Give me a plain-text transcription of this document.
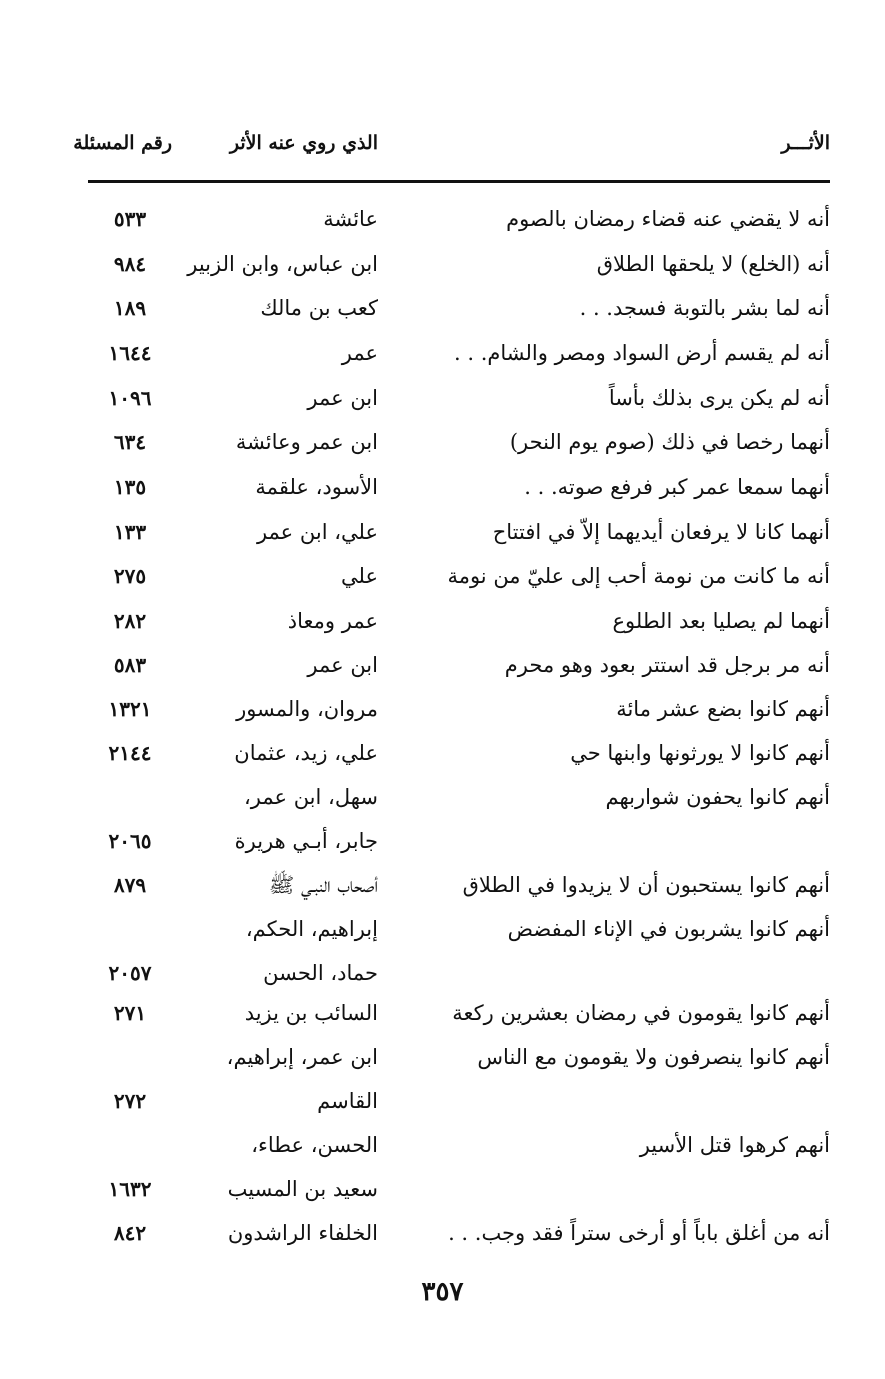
الأثـــر
الذي روي عنه الأثر
رقم المسئلة
أنه لا يقضي عنه قضاء رمضان بالصوم
عائشة
٥٣٣
أنه (الخلع) لا يلحقها الطلاق
ابن عباس، وابن الزبير
٩٨٤
أنه لما بشر بالتوبة فسجد. . .
كعب بن مالك
١٨٩
أنه لم يقسم أرض السواد ومصر والشام. . .
عمر
١٦٤٤
أنه لم يكن يرى بذلك بأساً
ابن عمر
١٠٩٦
أنهما رخصا في ذلك (صوم يوم النحر)
ابن عمر وعائشة
٦٣٤
أنهما سمعا عمر كبر فرفع صوته. . .
الأسود، علقمة
١٣٥
أنهما كانا لا يرفعان أيديهما إلاّ في افتتاح
علي، ابن عمر
١٣٣
أنه ما كانت من نومة أحب إلى عليّ من نومة
علي
٢٧٥
أنهما لم يصليا بعد الطلوع
عمر ومعاذ
٢٨٢
أنه مر برجل قد استتر بعود وهو محرم
ابن عمر
٥٨٣
أنهم كانوا بضع عشر مائة
مروان، والمسور
١٣٢١
أنهم كانوا لا يورثونها وابنها حي
علي، زيد، عثمان
٢١٤٤
أنهم كانوا يحفون شواربهم
سهل، ابن عمر،
جابر، أبـي هريرة
٢٠٦٥
أنهم كانوا يستحبون أن لا يزيدوا في الطلاق
أصحاب النبـي ﷺ
٨٧٩
أنهم كانوا يشربون في الإناء المفضض
إبراهيم، الحكم،
حماد، الحسن
٢٠٥٧
أنهم كانوا يقومون في رمضان بعشرين ركعة
السائب بن يزيد
٢٧١
أنهم كانوا ينصرفون ولا يقومون مع الناس
ابن عمر، إبراهيم،
القاسم
٢٧٢
أنهم كرهوا قتل الأسير
الحسن، عطاء،
سعيد بن المسيب
١٦٣٢
أنه من أغلق باباً أو أرخى ستراً فقد وجب. . .
الخلفاء الراشدون
٨٤٢
٣٥٧
